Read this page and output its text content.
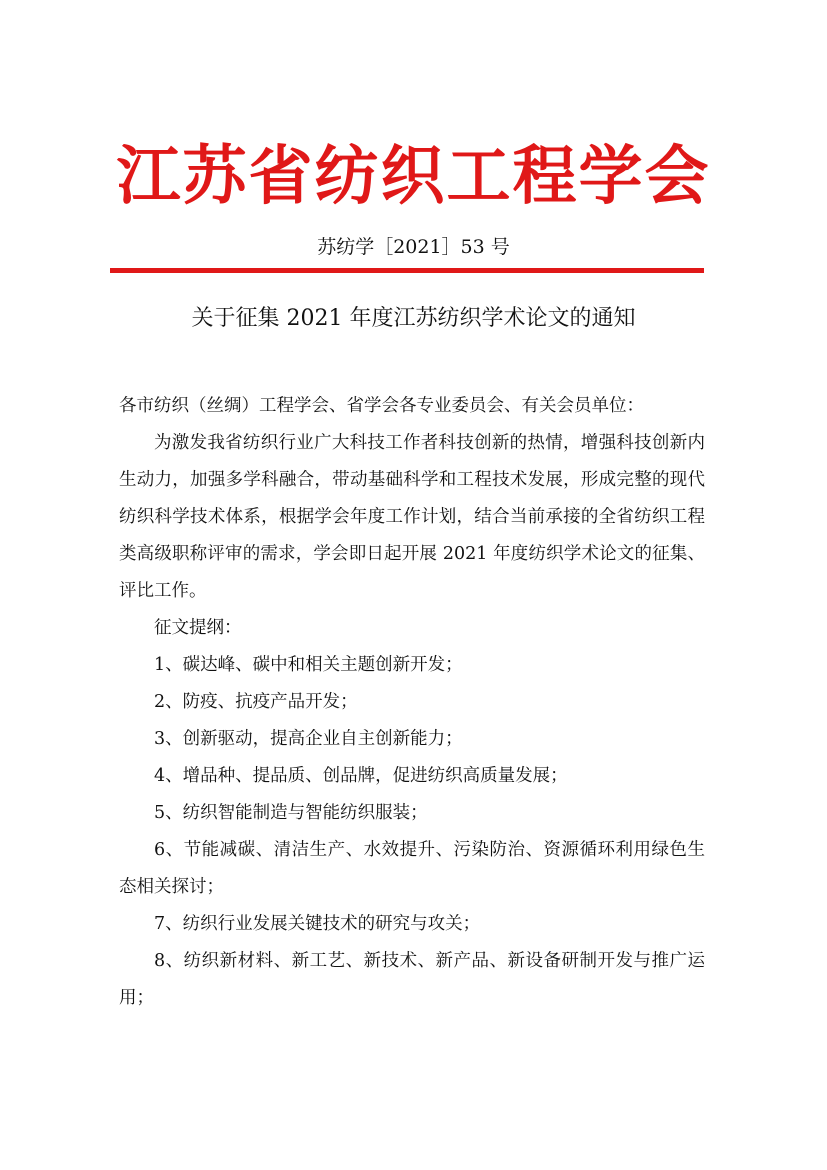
江苏省纺织工程学会
苏纺学［2021］53 号
关于征集 2021 年度江苏纺织学术论文的通知

各市纺织（丝绸）工程学会、省学会各专业委员会、有关会员单位：

为激发我省纺织行业广大科技工作者科技创新的热情，增强科技创新内生动力，加强多学科融合，带动基础科学和工程技术发展，形成完整的现代纺织科学技术体系，根据学会年度工作计划，结合当前承接的全省纺织工程类高级职称评审的需求，学会即日起开展 2021 年度纺织学术论文的征集、评比工作。

征文提纲：

1、碳达峰、碳中和相关主题创新开发；

2、防疫、抗疫产品开发；

3、创新驱动，提高企业自主创新能力；

4、增品种、提品质、创品牌，促进纺织高质量发展；

5、纺织智能制造与智能纺织服装；

6、节能减碳、清洁生产、水效提升、污染防治、资源循环利用绿色生态相关探讨；

7、纺织行业发展关键技术的研究与攻关；

8、纺织新材料、新工艺、新技术、新产品、新设备研制开发与推广运用；
